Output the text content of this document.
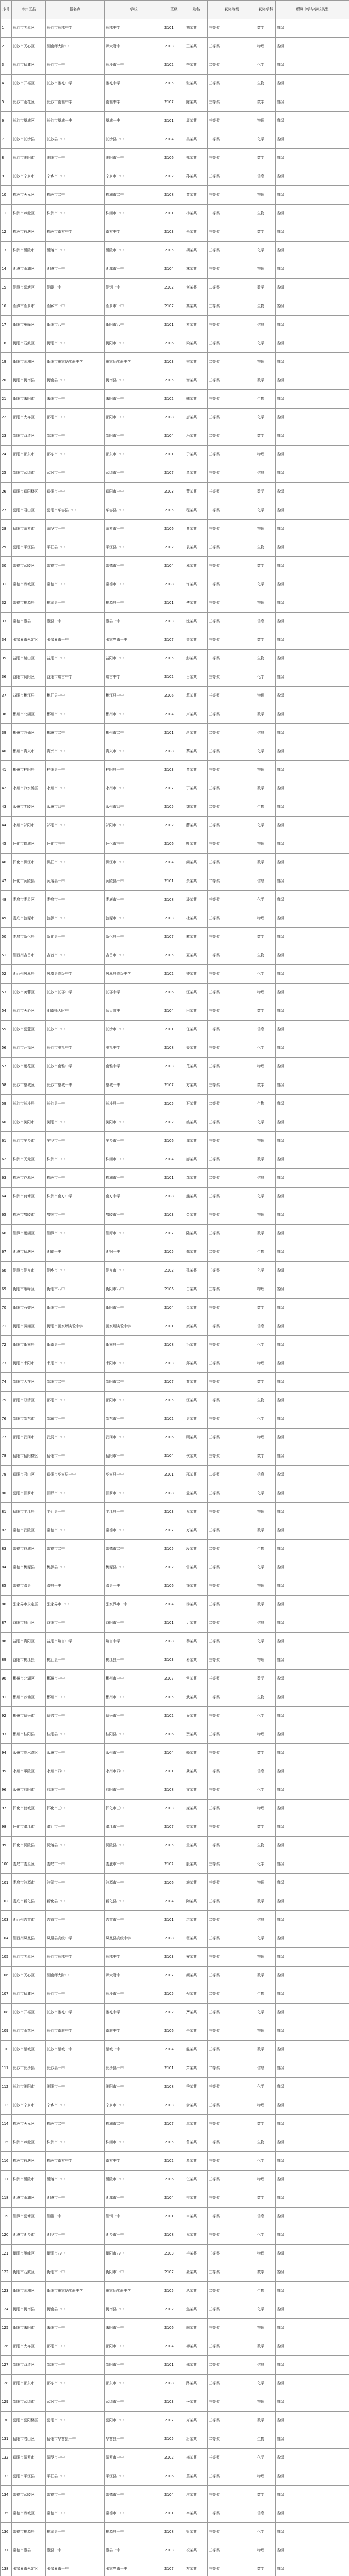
序号	市州区县	报名点	学校	班级	姓名	获奖等级	获奖学科	所属中学与学校类型
1	长沙市芙蓉区	长沙市长郡中学	长郡中学	2101	刘某某	三等奖	数学	省级
2	长沙市天心区	湖南师大附中	师大附中	2103	王某某	三等奖	物理	省级
3	长沙市岳麓区	长沙市一中	长沙市一中	2102	李某某	二等奖	化学	省级
4	长沙市开福区	长沙市雅礼中学	雅礼中学	2105	张某某	三等奖	生物	省级
5	长沙市雨花区	长沙市南雅中学	南雅中学	2107	陈某某	三等奖	数学	省级
6	长沙市望城区	长沙市望城一中	望城一中	2101	周某某	三等奖	物理	省级
7	长沙市长沙县	长沙县一中	长沙县一中	2104	吴某某	二等奖	化学	省级
8	长沙市浏阳市	浏阳市一中	浏阳市一中	2106	郑某某	三等奖	数学	省级
9	长沙市宁乡市	宁乡市一中	宁乡市一中	2102	孙某某	三等奖	信息	省级
10	株洲市天元区	株洲市二中	株洲市二中	2108	黄某某	三等奖	物理	省级
11	株洲市芦淞区	株洲市一中	株洲市一中	2101	杨某某	二等奖	生物	省级
12	株洲市荷塘区	株洲市南方中学	南方中学	2103	朱某某	三等奖	数学	省级
13	株洲市醴陵市	醴陵市一中	醴陵市一中	2105	胡某某	三等奖	化学	省级
14	湘潭市雨湖区	湘潭市一中	湘潭市一中	2104	林某某	三等奖	物理	省级
15	湘潭市岳塘区	湘钢一中	湘钢一中	2102	何某某	二等奖	数学	省级
16	湘潭市湘乡市	湘乡市一中	湘乡市一中	2107	高某某	三等奖	生物	省级
17	衡阳市雁峰区	衡阳市八中	衡阳市八中	2101	罗某某	三等奖	信息	省级
18	衡阳市石鼓区	衡阳市一中	衡阳市一中	2106	梁某某	三等奖	化学	省级
19	衡阳市蒸湘区	衡阳市田家炳实验中学	田家炳实验中学	2103	宋某某	二等奖	物理	省级
20	衡阳市衡南县	衡南县一中	衡南县一中	2105	谢某某	三等奖	数学	省级
21	衡阳市耒阳市	耒阳市一中	耒阳市一中	2102	韩某某	三等奖	生物	省级
22	邵阳市大祥区	邵阳市二中	邵阳市二中	2108	唐某某	三等奖	化学	省级
23	邵阳市双清区	邵阳市一中	邵阳市一中	2104	冯某某	二等奖	数学	省级
24	邵阳市邵东市	邵东市一中	邵东市一中	2101	于某某	三等奖	物理	省级
25	邵阳市武冈市	武冈市一中	武冈市一中	2107	董某某	三等奖	信息	省级
26	岳阳市岳阳楼区	岳阳市一中	岳阳市一中	2103	萧某某	三等奖	数学	省级
27	岳阳市君山区	岳阳市华容县一中	华容县一中	2105	程某某	二等奖	化学	省级
28	岳阳市汨罗市	汨罗市一中	汨罗市一中	2106	曹某某	三等奖	物理	省级
29	岳阳市平江县	平江县一中	平江县一中	2102	袁某某	三等奖	生物	省级
30	常德市武陵区	常德市一中	常德市一中	2104	邓某某	三等奖	数学	省级
31	常德市鼎城区	常德市二中	常德市二中	2108	许某某	二等奖	化学	省级
32	常德市桃源县	桃源县一中	桃源县一中	2101	傅某某	三等奖	物理	省级
33	常德市澧县	澧县一中	澧县一中	2103	沈某某	三等奖	信息	省级
34	张家界市永定区	张家界市一中	张家界市一中	2107	曾某某	三等奖	数学	省级
35	益阳市赫山区	益阳市一中	益阳市一中	2105	彭某某	二等奖	生物	省级
36	益阳市资阳区	益阳市箴言中学	箴言中学	2102	吕某某	三等奖	化学	省级
37	益阳市桃江县	桃江县一中	桃江县一中	2106	苏某某	三等奖	物理	省级
38	郴州市北湖区	郴州市一中	郴州市一中	2104	卢某某	三等奖	数学	省级
39	郴州市苏仙区	郴州市二中	郴州市二中	2101	蒋某某	二等奖	信息	省级
40	郴州市资兴市	资兴市一中	资兴市一中	2108	蔡某某	三等奖	化学	省级
41	郴州市桂阳县	桂阳县一中	桂阳县一中	2103	贾某某	三等奖	物理	省级
42	永州市冷水滩区	永州市一中	永州市一中	2107	丁某某	三等奖	数学	省级
43	永州市零陵区	永州市四中	永州市四中	2105	魏某某	二等奖	生物	省级
44	永州市祁阳市	祁阳市一中	祁阳市一中	2102	薛某某	三等奖	化学	省级
45	怀化市鹤城区	怀化市三中	怀化市三中	2106	叶某某	三等奖	物理	省级
46	怀化市洪江市	洪江市一中	洪江市一中	2104	阎某某	三等奖	数学	省级
47	怀化市沅陵县	沅陵县一中	沅陵县一中	2101	余某某	二等奖	信息	省级
48	娄底市娄星区	娄底市一中	娄底市一中	2108	潘某某	三等奖	化学	省级
49	娄底市涟源市	涟源市一中	涟源市一中	2103	杜某某	三等奖	物理	省级
50	娄底市新化县	新化县一中	新化县一中	2107	戴某某	三等奖	数学	省级
51	湘西州吉首市	吉首市一中	吉首市一中	2105	夏某某	二等奖	生物	省级
52	湘西州凤凰县	凤凰县高级中学	凤凰县高级中学	2102	钟某某	三等奖	化学	省级
53	长沙市芙蓉区	长沙市长郡中学	长郡中学	2106	汪某某	三等奖	物理	省级
54	长沙市天心区	湖南师大附中	师大附中	2104	田某某	三等奖	数学	省级
55	长沙市岳麓区	长沙市一中	长沙市一中	2101	任某某	二等奖	信息	省级
56	长沙市开福区	长沙市雅礼中学	雅礼中学	2108	姜某某	三等奖	化学	省级
57	长沙市雨花区	长沙市南雅中学	南雅中学	2103	范某某	三等奖	物理	省级
58	长沙市望城区	长沙市望城一中	望城一中	2107	方某某	三等奖	数学	省级
59	长沙市长沙县	长沙县一中	长沙县一中	2105	石某某	二等奖	生物	省级
60	长沙市浏阳市	浏阳市一中	浏阳市一中	2102	姚某某	三等奖	化学	省级
61	长沙市宁乡市	宁乡市一中	宁乡市一中	2106	谭某某	三等奖	物理	省级
62	株洲市天元区	株洲市二中	株洲市二中	2104	廖某某	三等奖	数学	省级
63	株洲市芦淞区	株洲市一中	株洲市一中	2101	邹某某	二等奖	信息	省级
64	株洲市荷塘区	株洲市南方中学	南方中学	2108	熊某某	三等奖	化学	省级
65	株洲市醴陵市	醴陵市一中	醴陵市一中	2103	金某某	三等奖	物理	省级
66	湘潭市雨湖区	湘潭市一中	湘潭市一中	2107	陆某某	三等奖	数学	省级
67	湘潭市岳塘区	湘钢一中	湘钢一中	2105	郝某某	二等奖	生物	省级
68	湘潭市湘乡市	湘乡市一中	湘乡市一中	2102	孔某某	三等奖	化学	省级
69	衡阳市雁峰区	衡阳市八中	衡阳市八中	2106	白某某	三等奖	物理	省级
70	衡阳市石鼓区	衡阳市一中	衡阳市一中	2104	崔某某	三等奖	数学	省级
71	衡阳市蒸湘区	衡阳市田家炳实验中学	田家炳实验中学	2101	康某某	二等奖	信息	省级
72	衡阳市衡南县	衡南县一中	衡南县一中	2108	毛某某	三等奖	化学	省级
73	衡阳市耒阳市	耒阳市一中	耒阳市一中	2103	邱某某	三等奖	物理	省级
74	邵阳市大祥区	邵阳市二中	邵阳市二中	2107	秦某某	三等奖	数学	省级
75	邵阳市双清区	邵阳市一中	邵阳市一中	2105	江某某	二等奖	生物	省级
76	邵阳市邵东市	邵东市一中	邵东市一中	2102	史某某	三等奖	化学	省级
77	邵阳市武冈市	武冈市一中	武冈市一中	2106	顾某某	三等奖	物理	省级
78	岳阳市岳阳楼区	岳阳市一中	岳阳市一中	2104	侯某某	三等奖	数学	省级
79	岳阳市君山区	岳阳市华容县一中	华容县一中	2101	邵某某	二等奖	信息	省级
80	岳阳市汨罗市	汨罗市一中	汨罗市一中	2108	孟某某	三等奖	化学	省级
81	岳阳市平江县	平江县一中	平江县一中	2103	龙某某	三等奖	物理	省级
82	常德市武陵区	常德市一中	常德市一中	2107	万某某	三等奖	数学	省级
83	常德市鼎城区	常德市二中	常德市二中	2105	段某某	二等奖	生物	省级
84	常德市桃源县	桃源县一中	桃源县一中	2102	雷某某	三等奖	化学	省级
85	常德市澧县	澧县一中	澧县一中	2106	钱某某	三等奖	物理	省级
86	张家界市永定区	张家界市一中	张家界市一中	2104	汤某某	三等奖	数学	省级
87	益阳市赫山区	益阳市一中	益阳市一中	2101	尹某某	二等奖	信息	省级
88	益阳市资阳区	益阳市箴言中学	箴言中学	2108	黎某某	三等奖	化学	省级
89	益阳市桃江县	桃江县一中	桃江县一中	2103	易某某	三等奖	物理	省级
90	郴州市北湖区	郴州市一中	郴州市一中	2107	常某某	三等奖	数学	省级
91	郴州市苏仙区	郴州市二中	郴州市二中	2105	武某某	二等奖	生物	省级
92	郴州市资兴市	资兴市一中	资兴市一中	2102	乔某某	三等奖	化学	省级
93	郴州市桂阳县	桂阳县一中	桂阳县一中	2106	贺某某	三等奖	物理	省级
94	永州市冷水滩区	永州市一中	永州市一中	2104	赖某某	三等奖	数学	省级
95	永州市零陵区	永州市四中	永州市四中	2101	龚某某	二等奖	信息	省级
96	永州市祁阳市	祁阳市一中	祁阳市一中	2108	文某某	三等奖	化学	省级
97	怀化市鹤城区	怀化市三中	怀化市三中	2103	庞某某	三等奖	物理	省级
98	怀化市洪江市	洪江市一中	洪江市一中	2107	樊某某	三等奖	数学	省级
99	怀化市沅陵县	沅陵县一中	沅陵县一中	2105	兰某某	二等奖	生物	省级
100	娄底市娄星区	娄底市一中	娄底市一中	2102	殷某某	三等奖	化学	省级
101	娄底市涟源市	涟源市一中	涟源市一中	2106	施某某	三等奖	物理	省级
102	娄底市新化县	新化县一中	新化县一中	2104	陶某某	三等奖	数学	省级
103	湘西州吉首市	吉首市一中	吉首市一中	2101	洪某某	二等奖	信息	省级
104	湘西州凤凰县	凤凰县高级中学	凤凰县高级中学	2108	翟某某	三等奖	化学	省级
105	长沙市芙蓉区	长沙市长郡中学	长郡中学	2103	安某某	三等奖	物理	省级
106	长沙市天心区	湖南师大附中	师大附中	2107	颜某某	三等奖	数学	省级
107	长沙市岳麓区	长沙市一中	长沙市一中	2105	倪某某	二等奖	生物	省级
108	长沙市开福区	长沙市雅礼中学	雅礼中学	2102	严某某	三等奖	化学	省级
109	长沙市雨花区	长沙市南雅中学	南雅中学	2106	牛某某	三等奖	物理	省级
110	长沙市望城区	长沙市望城一中	望城一中	2104	温某某	三等奖	数学	省级
111	长沙市长沙县	长沙县一中	长沙县一中	2101	芦某某	二等奖	信息	省级
112	长沙市浏阳市	浏阳市一中	浏阳市一中	2108	季某某	三等奖	化学	省级
113	长沙市宁乡市	宁乡市一中	宁乡市一中	2103	俞某某	三等奖	物理	省级
114	株洲市天元区	株洲市二中	株洲市二中	2107	章某某	三等奖	数学	省级
115	株洲市芦淞区	株洲市一中	株洲市一中	2105	鲁某某	二等奖	生物	省级
116	株洲市荷塘区	株洲市南方中学	南方中学	2102	葛某某	三等奖	化学	省级
117	株洲市醴陵市	醴陵市一中	醴陵市一中	2106	伍某某	三等奖	物理	省级
118	湘潭市雨湖区	湘潭市一中	湘潭市一中	2104	韦某某	三等奖	数学	省级
119	湘潭市岳塘区	湘钢一中	湘钢一中	2101	申某某	二等奖	信息	省级
120	湘潭市湘乡市	湘乡市一中	湘乡市一中	2108	尤某某	三等奖	化学	省级
121	衡阳市雁峰区	衡阳市八中	衡阳市八中	2103	毕某某	三等奖	物理	省级
122	衡阳市石鼓区	衡阳市一中	衡阳市一中	2107	聂某某	三等奖	数学	省级
123	衡阳市蒸湘区	衡阳市田家炳实验中学	田家炳实验中学	2105	丛某某	二等奖	生物	省级
124	衡阳市衡南县	衡南县一中	衡南县一中	2102	焦某某	三等奖	化学	省级
125	衡阳市耒阳市	耒阳市一中	耒阳市一中	2106	向某某	三等奖	物理	省级
126	邵阳市大祥区	邵阳市二中	邵阳市二中	2104	柳某某	三等奖	数学	省级
127	邵阳市双清区	邵阳市一中	邵阳市一中	2101	邢某某	二等奖	信息	省级
128	邵阳市邵东市	邵东市一中	邵东市一中	2108	路某某	三等奖	化学	省级
129	邵阳市武冈市	武冈市一中	武冈市一中	2103	岳某某	三等奖	物理	省级
130	岳阳市岳阳楼区	岳阳市一中	岳阳市一中	2107	齐某某	三等奖	数学	省级
131	岳阳市君山区	岳阳市华容县一中	华容县一中	2105	沿某某	二等奖	生物	省级
132	岳阳市汨罗市	汨罗市一中	汨罗市一中	2102	梅某某	三等奖	化学	省级
133	岳阳市平江县	平江县一中	平江县一中	2106	莫某某	三等奖	物理	省级
134	常德市武陵区	常德市一中	常德市一中	2104	庄某某	三等奖	数学	省级
135	常德市鼎城区	常德市二中	常德市二中	2101	辛某某	二等奖	信息	省级
136	常德市桃源县	桃源县一中	桃源县一中	2108	管某某	三等奖	化学	省级
137	常德市澧县	澧县一中	澧县一中	2103	祝某某	三等奖	物理	省级
138	张家界市永定区	张家界市一中	张家界市一中	2107	左某某	三等奖	数学	省级
